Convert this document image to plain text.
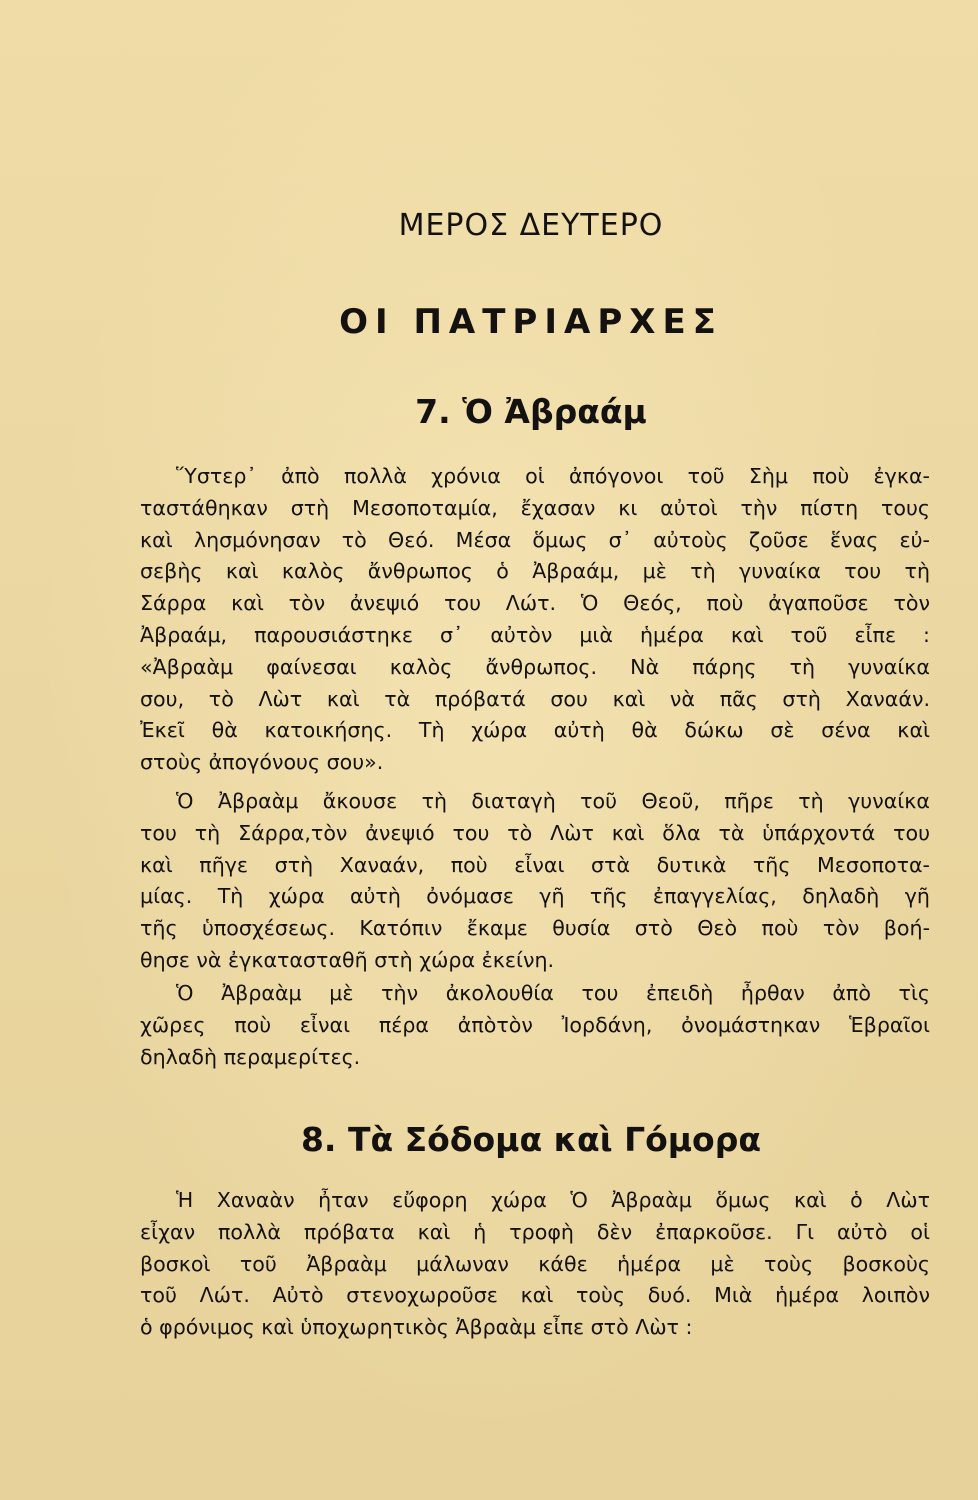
ΜΕΡΟΣ ΔΕΥΤΕΡΟ
ΟΙ ΠΑΤΡΙΑΡΧΕΣ
7. Ὁ Ἀβραάμ

Ὕστερ᾽ ἀπὸ πολλὰ χρόνια οἱ ἀπόγονοι τοῦ Σὴμ ποὺ ἐγκα-
ταστάθηκαν στὴ Μεσοποταμία, ἔχασαν κι αὐτοὶ τὴν πίστη τους
καὶ λησμόνησαν τὸ Θεό. Μέσα ὅμως σ᾽ αὐτοὺς ζοῦσε ἕνας εὐ-
σεβὴς καὶ καλὸς ἄνθρωπος ὁ Ἀβραάμ, μὲ τὴ γυναίκα του τὴ
Σάρρα καὶ τὸν ἀνεψιό του Λώτ. Ὁ Θεός, ποὺ ἀγαποῦσε τὸν
Ἀβραάμ, παρουσιάστηκε σ᾽ αὐτὸν μιὰ ἡμέρα καὶ τοῦ εἶπε :
«Ἀβραὰμ φαίνεσαι καλὸς ἄνθρωπος. Νὰ πάρης τὴ γυναίκα
σου, τὸ Λὼτ καὶ τὰ πρόβατά σου καὶ νὰ πᾶς στὴ Χαναάν.
Ἐκεῖ θὰ κατοικήσης. Τὴ χώρα αὐτὴ θὰ δώκω σὲ σένα καὶ
στοὺς ἀπογόνους σου».

Ὁ Ἀβραὰμ ἄκουσε τὴ διαταγὴ τοῦ Θεοῦ, πῆρε τὴ γυναίκα
του τὴ Σάρρα,τὸν ἀνεψιό του τὸ Λὼτ καὶ ὅλα τὰ ὑπάρχοντά του
καὶ πῆγε στὴ Χαναάν, ποὺ εἶναι στὰ δυτικὰ τῆς Μεσοποτα-
μίας. Τὴ χώρα αὐτὴ ὀνόμασε γῆ τῆς ἐπαγγελίας, δηλαδὴ γῆ
τῆς ὑποσχέσεως. Κατόπιν ἔκαμε θυσία στὸ Θεὸ ποὺ τὸν βοή-
θησε νὰ ἐγκατασταθῆ στὴ χώρα ἐκείνη.

Ὁ Ἀβραὰμ μὲ τὴν ἀκολουθία του ἐπειδὴ ἦρθαν ἀπὸ τὶς
χῶρες ποὺ εἶναι πέρα ἀπὸτὸν Ἰορδάνη, ὀνομάστηκαν Ἑβραῖοι
δηλαδὴ περαμερίτες.

8. Τὰ Σόδομα καὶ Γόμορα

Ἡ Χαναὰν ἦταν εὔφορη χώρα Ὁ Ἀβραὰμ ὅμως καὶ ὁ Λὼτ
εἶχαν πολλὰ πρόβατα καὶ ἡ τροφὴ δὲν ἐπαρκοῦσε. Γι αὐτὸ οἱ
βοσκοὶ τοῦ Ἀβραὰμ μάλωναν κάθε ἡμέρα μὲ τοὺς βοσκοὺς
τοῦ Λώτ. Αὐτὸ στενοχωροῦσε καὶ τοὺς δυό. Μιὰ ἡμέρα λοιπὸν
ὁ φρόνιμος καὶ ὑποχωρητικὸς Ἀβραὰμ εἶπε στὸ Λὼτ :
